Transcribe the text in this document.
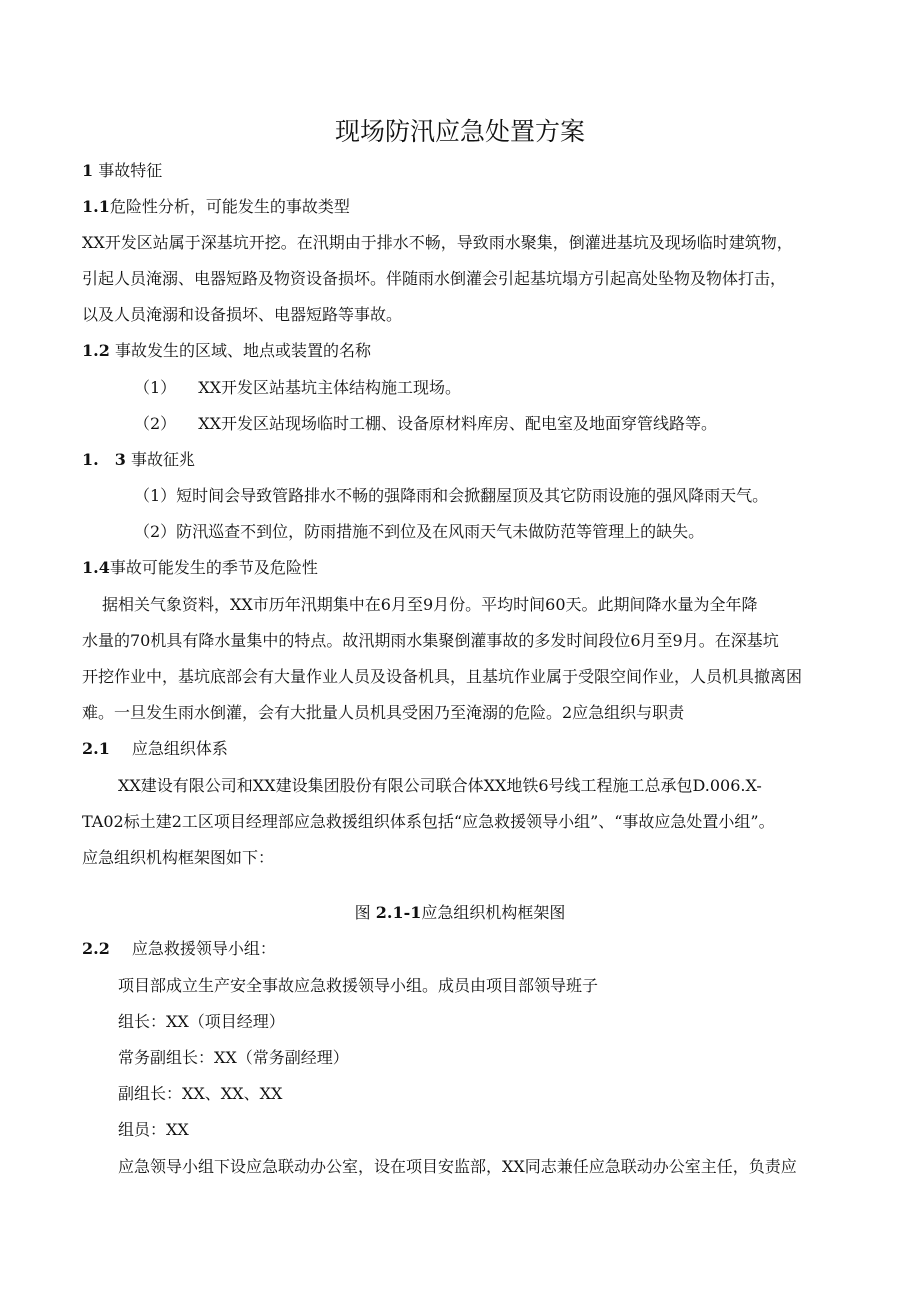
现场防汛应急处置方案
1 事故特征
1.1危险性分析，可能发生的事故类型
XX开发区站属于深基坑开挖。在汛期由于排水不畅，导致雨水聚集，倒灌进基坑及现场临时建筑物，
引起人员淹溺、电器短路及物资设备损坏。伴随雨水倒灌会引起基坑塌方引起高处坠物及物体打击，
以及人员淹溺和设备损坏、电器短路等事故。
1.2 事故发生的区域、地点或装置的名称
（1） XX开发区站基坑主体结构施工现场。
（2） XX开发区站现场临时工棚、设备原材料库房、配电室及地面穿管线路等。
1.　3 事故征兆
（1）短时间会导致管路排水不畅的强降雨和会掀翻屋顶及其它防雨设施的强风降雨天气。
（2）防汛巡查不到位，防雨措施不到位及在风雨天气未做防范等管理上的缺失。
1.4事故可能发生的季节及危险性
据相关气象资料，XX市历年汛期集中在6月至9月份。平均时间60天。此期间降水量为全年降
水量的70机具有降水量集中的特点。故汛期雨水集聚倒灌事故的多发时间段位6月至9月。在深基坑
开挖作业中，基坑底部会有大量作业人员及设备机具，且基坑作业属于受限空间作业，人员机具撤离困
难。一旦发生雨水倒灌，会有大批量人员机具受困乃至淹溺的危险。2应急组织与职责
2.1 应急组织体系
XX建设有限公司和XX建设集团股份有限公司联合体XX地铁6号线工程施工总承包D.006.X-
TA02标土建2工区项目经理部应急救援组织体系包括“应急救援领导小组”、“事故应急处置小组”。
应急组织机构框架图如下：
图 2.1-1应急组织机构框架图
2.2 应急救援领导小组：
项目部成立生产安全事故应急救援领导小组。成员由项目部领导班子
组长：XX（项目经理）
常务副组长：XX（常务副经理）
副组长：XX、XX、XX
组员：XX
应急领导小组下设应急联动办公室，设在项目安监部，XX同志兼任应急联动办公室主任，负责应
